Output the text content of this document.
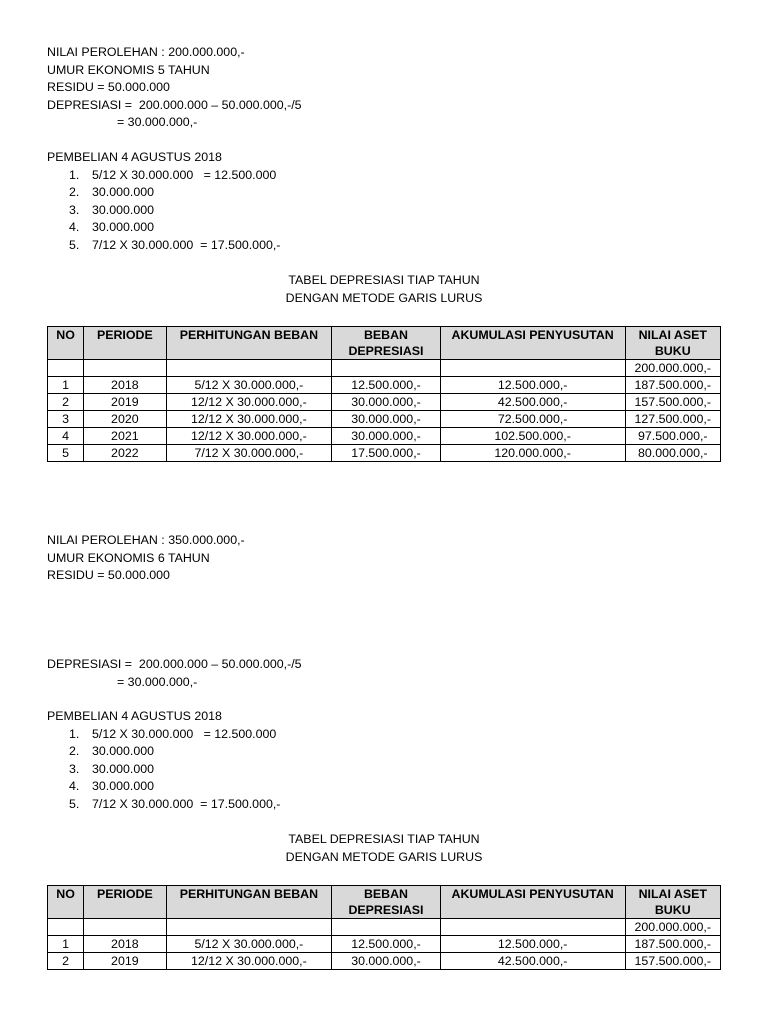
NILAI PEROLEHAN : 200.000.000,-
UMUR EKONOMIS 5 TAHUN
RESIDU = 50.000.000
DEPRESIASI =  200.000.000 – 50.000.000,-/5
= 30.000.000,-
PEMBELIAN 4 AGUSTUS 2018
1. 5/12 X 30.000.000   = 12.500.000
2. 30.000.000
3. 30.000.000
4. 30.000.000
5. 7/12 X 30.000.000  = 17.500.000,-
TABEL DEPRESIASI TIAP TAHUN
DENGAN METODE GARIS LURUS
NO	PERIODE	PERHITUNGAN BEBAN	BEBAN DEPRESIASI	AKUMULASI PENYUSUTAN	NILAI ASET BUKU
					200.000.000,-
1	2018	5/12 X 30.000.000,-	12.500.000,-	12.500.000,-	187.500.000,-
2	2019	12/12 X 30.000.000,-	30.000.000,-	42.500.000,-	157.500.000,-
3	2020	12/12 X 30.000.000,-	30.000.000,-	72.500.000,-	127.500.000,-
4	2021	12/12 X 30.000.000,-	30.000.000,-	102.500.000,-	97.500.000,-
5	2022	7/12 X 30.000.000,-	17.500.000,-	120.000.000,-	80.000.000,-
NILAI PEROLEHAN : 350.000.000,-
UMUR EKONOMIS 6 TAHUN
RESIDU = 50.000.000
DEPRESIASI =  200.000.000 – 50.000.000,-/5
= 30.000.000,-
PEMBELIAN 4 AGUSTUS 2018
1. 5/12 X 30.000.000   = 12.500.000
2. 30.000.000
3. 30.000.000
4. 30.000.000
5. 7/12 X 30.000.000  = 17.500.000,-
TABEL DEPRESIASI TIAP TAHUN
DENGAN METODE GARIS LURUS
NO	PERIODE	PERHITUNGAN BEBAN	BEBAN DEPRESIASI	AKUMULASI PENYUSUTAN	NILAI ASET BUKU
					200.000.000,-
1	2018	5/12 X 30.000.000,-	12.500.000,-	12.500.000,-	187.500.000,-
2	2019	12/12 X 30.000.000,-	30.000.000,-	42.500.000,-	157.500.000,-
